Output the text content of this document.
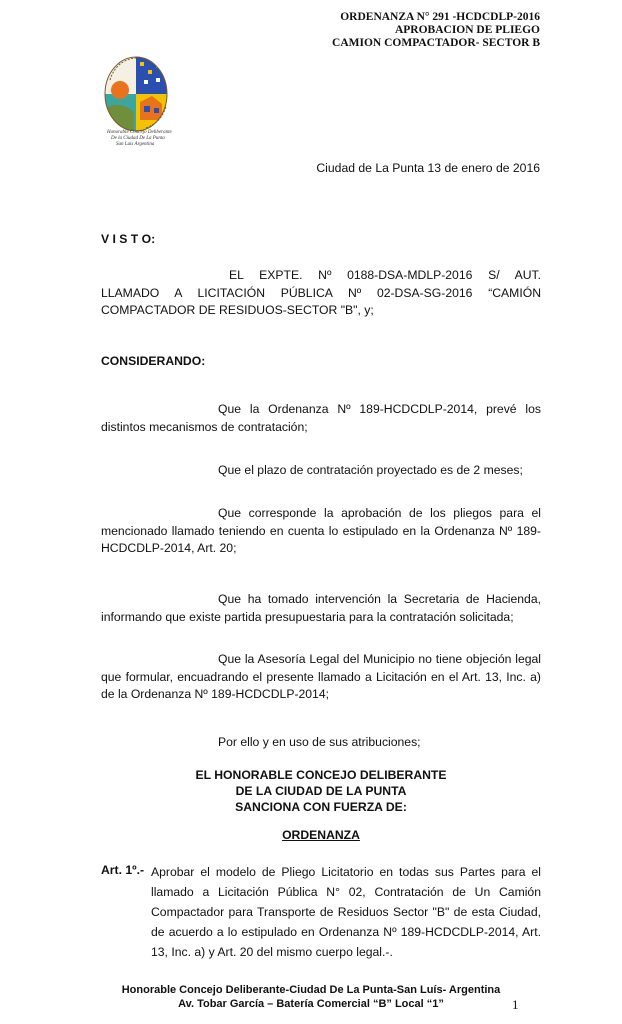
ORDENANZA N° 291 -HCDCDLP-2016
APROBACION DE PLIEGO
CAMION COMPACTADOR- SECTOR B
Honorable Concejo Deliberante
De la Ciudad De La Punta
San Luis Argentina
Ciudad de La Punta 13 de enero de 2016
V I S T O:
EL EXPTE. Nº 0188-DSA-MDLP-2016 S/ AUT. LLAMADO A LICITACIÓN PÚBLICA Nº 02-DSA-SG-2016 “CAMIÓN COMPACTADOR DE RESIDUOS-SECTOR "B", y;
CONSIDERANDO:
Que la Ordenanza Nº 189-HCDCDLP-2014, prevé los distintos mecanismos de contratación;
Que el plazo de contratación proyectado es de 2 meses;
Que corresponde la aprobación de los pliegos para el mencionado llamado teniendo en cuenta lo estipulado en la Ordenanza Nº 189-HCDCDLP-2014, Art. 20;
Que ha tomado intervención la Secretaria de Hacienda, informando que existe partida presupuestaria para la contratación solicitada;
Que la Asesoría Legal del Municipio no tiene objeción legal que formular, encuadrando el presente llamado a Licitación en el Art. 13, Inc. a) de la Ordenanza Nº 189-HCDCDLP-2014;
Por ello y en uso de sus atribuciones;
EL HONORABLE CONCEJO DELIBERANTE
DE LA CIUDAD DE LA PUNTA
SANCIONA CON FUERZA DE:
ORDENANZA
Art. 1º.- Aprobar el modelo de Pliego Licitatorio en todas sus Partes para el llamado a Licitación Pública N° 02, Contratación de Un Camión Compactador para Transporte de Residuos Sector "B" de esta Ciudad, de acuerdo a lo estipulado en Ordenanza Nº 189-HCDCDLP-2014, Art. 13, Inc. a) y Art. 20 del mismo cuerpo legal.-.
Honorable Concejo Deliberante-Ciudad De La Punta-San Luís- Argentina
Av. Tobar García – Batería Comercial “B” Local “1”	1
